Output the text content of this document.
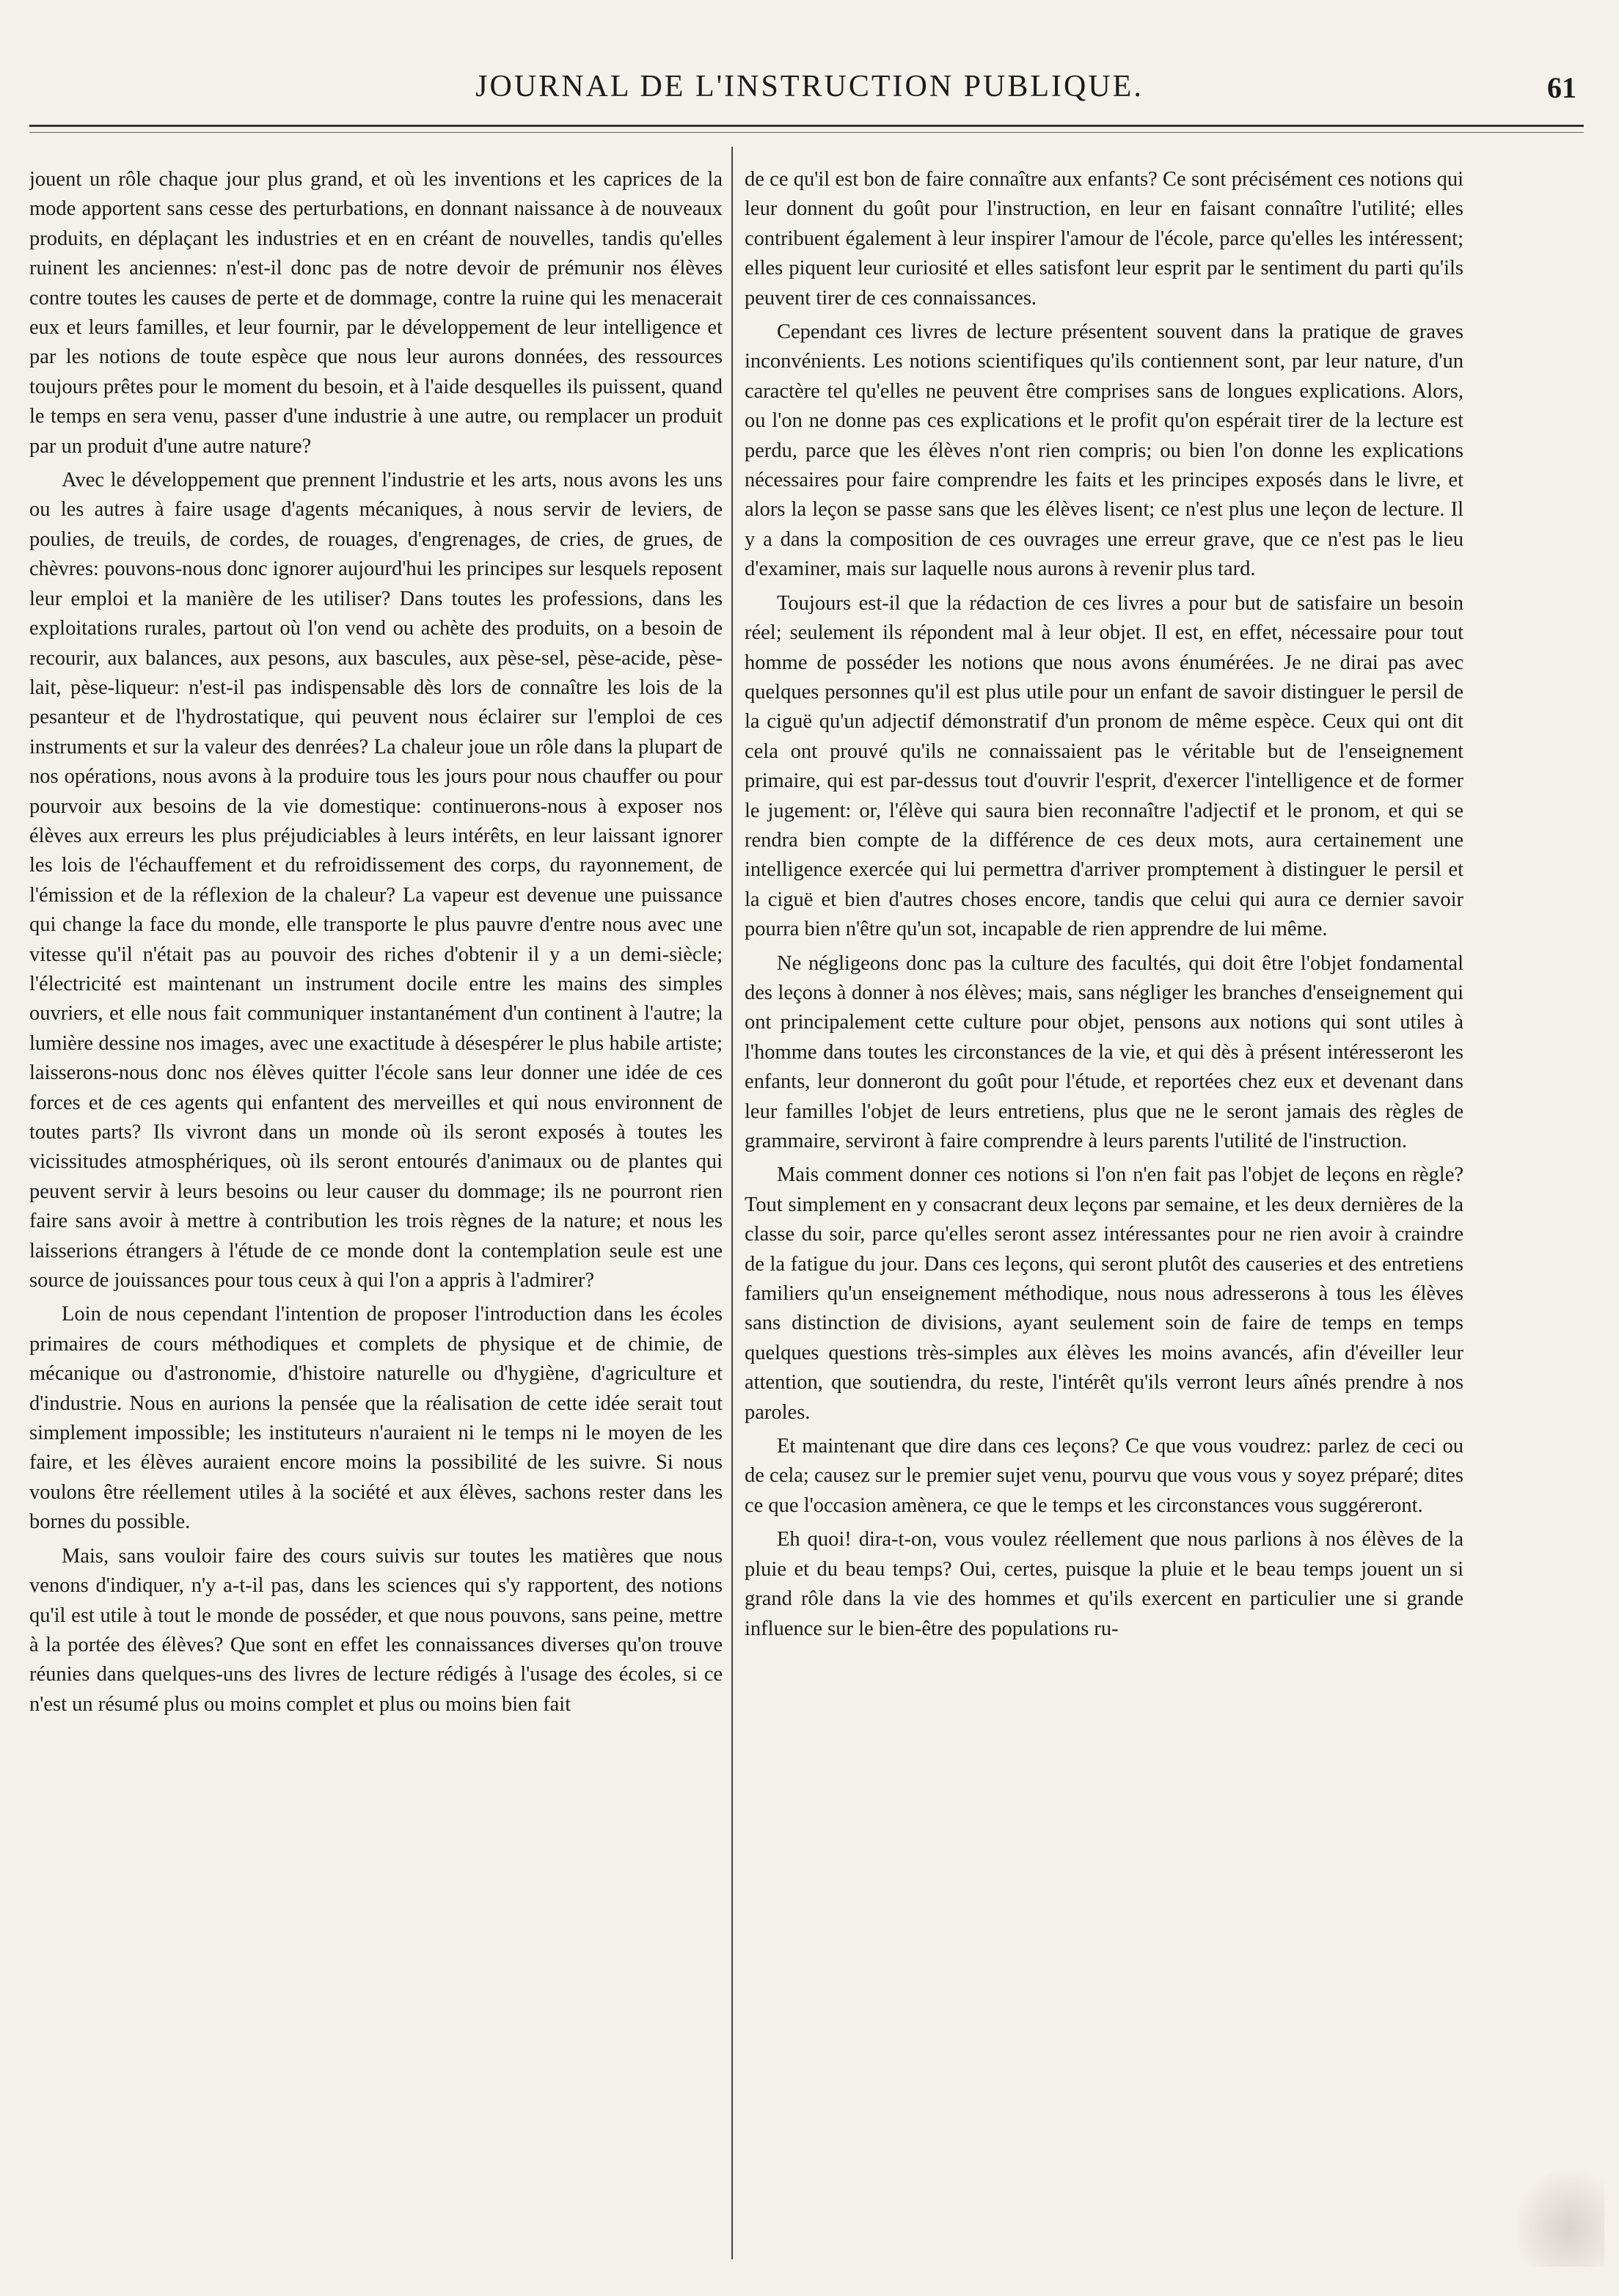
JOURNAL DE L'INSTRUCTION PUBLIQUE.	61

jouent un rôle chaque jour plus grand, et où les inventions et les caprices de la mode apportent sans cesse des perturbations, en donnant naissance à de nouveaux produits, en déplaçant les industries et en en créant de nouvelles, tandis qu'elles ruinent les anciennes: n'est-il donc pas de notre devoir de prémunir nos élèves contre toutes les causes de perte et de dommage, contre la ruine qui les menacerait eux et leurs familles, et leur fournir, par le développement de leur intelligence et par les notions de toute espèce que nous leur aurons données, des ressources toujours prêtes pour le moment du besoin, et à l'aide desquelles ils puissent, quand le temps en sera venu, passer d'une industrie à une autre, ou remplacer un produit par un produit d'une autre nature?

Avec le développement que prennent l'industrie et les arts, nous avons les uns ou les autres à faire usage d'agents mécaniques, à nous servir de leviers, de poulies, de treuils, de cordes, de rouages, d'engrenages, de cries, de grues, de chèvres: pouvons-nous donc ignorer aujourd'hui les principes sur lesquels reposent leur emploi et la manière de les utiliser? Dans toutes les professions, dans les exploitations rurales, partout où l'on vend ou achète des produits, on a besoin de recourir, aux balances, aux pesons, aux bascules, aux pèse-sel, pèse-acide, pèse-lait, pèse-liqueur: n'est-il pas indispensable dès lors de connaître les lois de la pesanteur et de l'hydrostatique, qui peuvent nous éclairer sur l'emploi de ces instruments et sur la valeur des denrées? La chaleur joue un rôle dans la plupart de nos opérations, nous avons à la produire tous les jours pour nous chauffer ou pour pourvoir aux besoins de la vie domestique: continuerons-nous à exposer nos élèves aux erreurs les plus préjudiciables à leurs intérêts, en leur laissant ignorer les lois de l'échauffement et du refroidissement des corps, du rayonnement, de l'émission et de la réflexion de la chaleur? La vapeur est devenue une puissance qui change la face du monde, elle transporte le plus pauvre d'entre nous avec une vitesse qu'il n'était pas au pouvoir des riches d'obtenir il y a un demi-siècle; l'électricité est maintenant un instrument docile entre les mains des simples ouvriers, et elle nous fait communiquer instantanément d'un continent à l'autre; la lumière dessine nos images, avec une exactitude à désespérer le plus habile artiste; laisserons-nous donc nos élèves quitter l'école sans leur donner une idée de ces forces et de ces agents qui enfantent des merveilles et qui nous environnent de toutes parts? Ils vivront dans un monde où ils seront exposés à toutes les vicissitudes atmosphériques, où ils seront entourés d'animaux ou de plantes qui peuvent servir à leurs besoins ou leur causer du dommage; ils ne pourront rien faire sans avoir à mettre à contribution les trois règnes de la nature; et nous les laisserions étrangers à l'étude de ce monde dont la contemplation seule est une source de jouissances pour tous ceux à qui l'on a appris à l'admirer?

Loin de nous cependant l'intention de proposer l'introduction dans les écoles primaires de cours méthodiques et complets de physique et de chimie, de mécanique ou d'astronomie, d'histoire naturelle ou d'hygiène, d'agriculture et d'industrie. Nous en aurions la pensée que la réalisation de cette idée serait tout simplement impossible; les instituteurs n'auraient ni le temps ni le moyen de les faire, et les élèves auraient encore moins la possibilité de les suivre. Si nous voulons être réellement utiles à la société et aux élèves, sachons rester dans les bornes du possible.

Mais, sans vouloir faire des cours suivis sur toutes les matières que nous venons d'indiquer, n'y a-t-il pas, dans les sciences qui s'y rapportent, des notions qu'il est utile à tout le monde de posséder, et que nous pouvons, sans peine, mettre à la portée des élèves? Que sont en effet les connaissances diverses qu'on trouve réunies dans quelques-uns des livres de lecture rédigés à l'usage des écoles, si ce n'est un résumé plus ou moins complet et plus ou moins bien fait

de ce qu'il est bon de faire connaître aux enfants? Ce sont précisément ces notions qui leur donnent du goût pour l'instruction, en leur en faisant connaître l'utilité; elles contribuent également à leur inspirer l'amour de l'école, parce qu'elles les intéressent; elles piquent leur curiosité et elles satisfont leur esprit par le sentiment du parti qu'ils peuvent tirer de ces connaissances.

Cependant ces livres de lecture présentent souvent dans la pratique de graves inconvénients. Les notions scientifiques qu'ils contiennent sont, par leur nature, d'un caractère tel qu'elles ne peuvent être comprises sans de longues explications. Alors, ou l'on ne donne pas ces explications et le profit qu'on espérait tirer de la lecture est perdu, parce que les élèves n'ont rien compris; ou bien l'on donne les explications nécessaires pour faire comprendre les faits et les principes exposés dans le livre, et alors la leçon se passe sans que les élèves lisent; ce n'est plus une leçon de lecture. Il y a dans la composition de ces ouvrages une erreur grave, que ce n'est pas le lieu d'examiner, mais sur laquelle nous aurons à revenir plus tard.

Toujours est-il que la rédaction de ces livres a pour but de satisfaire un besoin réel; seulement ils répondent mal à leur objet. Il est, en effet, nécessaire pour tout homme de posséder les notions que nous avons énumérées. Je ne dirai pas avec quelques personnes qu'il est plus utile pour un enfant de savoir distinguer le persil de la ciguë qu'un adjectif démonstratif d'un pronom de même espèce. Ceux qui ont dit cela ont prouvé qu'ils ne connaissaient pas le véritable but de l'enseignement primaire, qui est par-dessus tout d'ouvrir l'esprit, d'exercer l'intelligence et de former le jugement: or, l'élève qui saura bien reconnaître l'adjectif et le pronom, et qui se rendra bien compte de la différence de ces deux mots, aura certainement une intelligence exercée qui lui permettra d'arriver promptement à distinguer le persil et la ciguë et bien d'autres choses encore, tandis que celui qui aura ce dernier savoir pourra bien n'être qu'un sot, incapable de rien apprendre de lui même.

Ne négligeons donc pas la culture des facultés, qui doit être l'objet fondamental des leçons à donner à nos élèves; mais, sans négliger les branches d'enseignement qui ont principalement cette culture pour objet, pensons aux notions qui sont utiles à l'homme dans toutes les circonstances de la vie, et qui dès à présent intéresseront les enfants, leur donneront du goût pour l'étude, et reportées chez eux et devenant dans leur familles l'objet de leurs entretiens, plus que ne le seront jamais des règles de grammaire, serviront à faire comprendre à leurs parents l'utilité de l'instruction.

Mais comment donner ces notions si l'on n'en fait pas l'objet de leçons en règle? Tout simplement en y consacrant deux leçons par semaine, et les deux dernières de la classe du soir, parce qu'elles seront assez intéressantes pour ne rien avoir à craindre de la fatigue du jour. Dans ces leçons, qui seront plutôt des causeries et des entretiens familiers qu'un enseignement méthodique, nous nous adresserons à tous les élèves sans distinction de divisions, ayant seulement soin de faire de temps en temps quelques questions très-simples aux élèves les moins avancés, afin d'éveiller leur attention, que soutiendra, du reste, l'intérêt qu'ils verront leurs aînés prendre à nos paroles.

Et maintenant que dire dans ces leçons? Ce que vous voudrez: parlez de ceci ou de cela; causez sur le premier sujet venu, pourvu que vous vous y soyez préparé; dites ce que l'occasion amènera, ce que le temps et les circonstances vous suggéreront.

Eh quoi! dira-t-on, vous voulez réellement que nous parlions à nos élèves de la pluie et du beau temps? Oui, certes, puisque la pluie et le beau temps jouent un si grand rôle dans la vie des hommes et qu'ils exercent en particulier une si grande influence sur le bien-être des populations ru-
